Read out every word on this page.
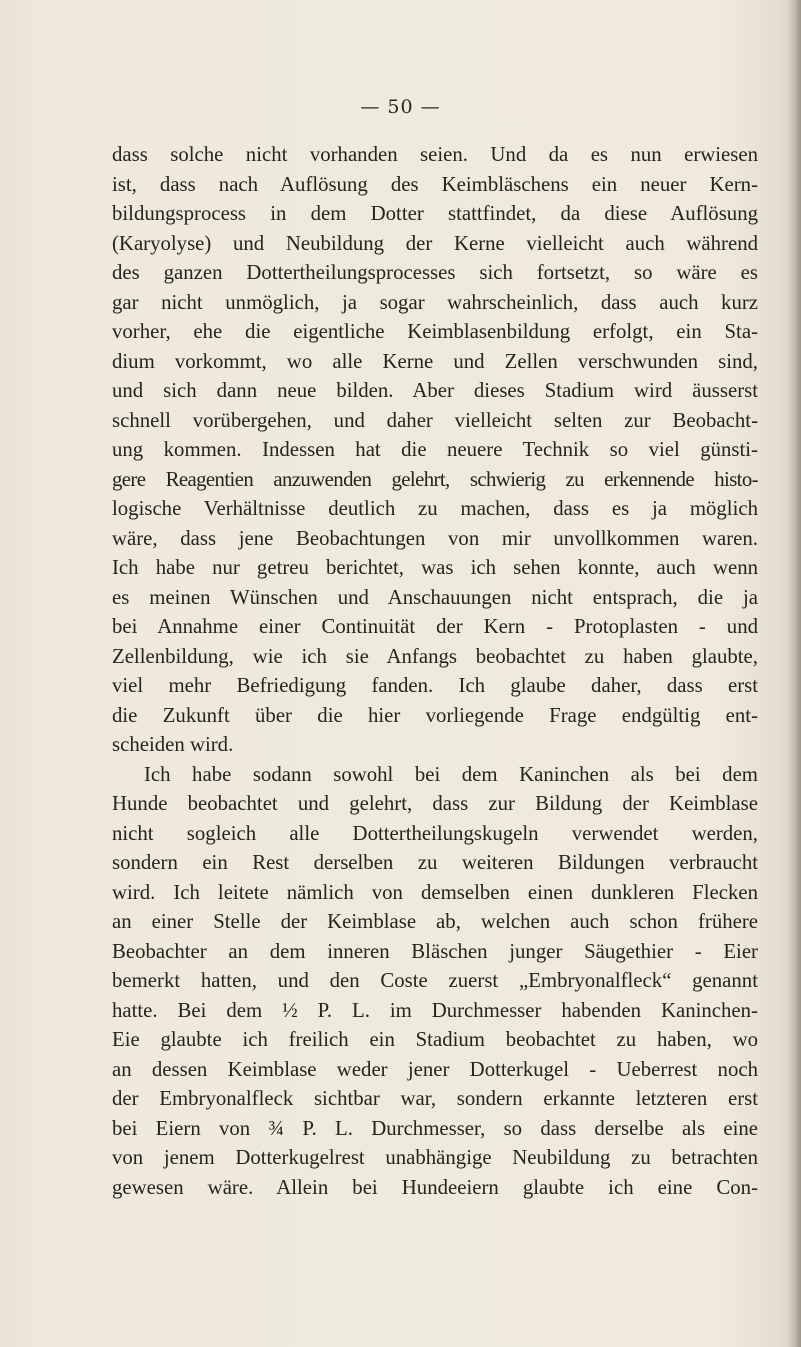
— 50 —
dass solche nicht vorhanden seien. Und da es nun erwiesen
ist, dass nach Auflösung des Keimbläschens ein neuer Kern-
bildungsprocess in dem Dotter stattfindet, da diese Auflösung
(Karyolyse) und Neubildung der Kerne vielleicht auch während
des ganzen Dottertheilungsprocesses sich fortsetzt, so wäre es
gar nicht unmöglich, ja sogar wahrscheinlich, dass auch kurz
vorher, ehe die eigentliche Keimblasenbildung erfolgt, ein Sta-
dium vorkommt, wo alle Kerne und Zellen verschwunden sind,
und sich dann neue bilden. Aber dieses Stadium wird äusserst
schnell vorübergehen, und daher vielleicht selten zur Beobacht-
ung kommen. Indessen hat die neuere Technik so viel günsti-
gere Reagentien anzuwenden gelehrt, schwierig zu erkennende histo-
logische Verhältnisse deutlich zu machen, dass es ja möglich
wäre, dass jene Beobachtungen von mir unvollkommen waren.
Ich habe nur getreu berichtet, was ich sehen konnte, auch wenn
es meinen Wünschen und Anschauungen nicht entsprach, die ja
bei Annahme einer Continuität der Kern - Protoplasten - und
Zellenbildung, wie ich sie Anfangs beobachtet zu haben glaubte,
viel mehr Befriedigung fanden. Ich glaube daher, dass erst
die Zukunft über die hier vorliegende Frage endgültig ent-
scheiden wird.
Ich habe sodann sowohl bei dem Kaninchen als bei dem
Hunde beobachtet und gelehrt, dass zur Bildung der Keimblase
nicht sogleich alle Dottertheilungskugeln verwendet werden,
sondern ein Rest derselben zu weiteren Bildungen verbraucht
wird. Ich leitete nämlich von demselben einen dunkleren Flecken
an einer Stelle der Keimblase ab, welchen auch schon frühere
Beobachter an dem inneren Bläschen junger Säugethier - Eier
bemerkt hatten, und den Coste zuerst „Embryonalfleck“ genannt
hatte. Bei dem ½ P. L. im Durchmesser habenden Kaninchen-
Eie glaubte ich freilich ein Stadium beobachtet zu haben, wo
an dessen Keimblase weder jener Dotterkugel - Ueberrest noch
der Embryonalfleck sichtbar war, sondern erkannte letzteren erst
bei Eiern von ¾ P. L. Durchmesser, so dass derselbe als eine
von jenem Dotterkugelrest unabhängige Neubildung zu betrachten
gewesen wäre. Allein bei Hundeeiern glaubte ich eine Con-
